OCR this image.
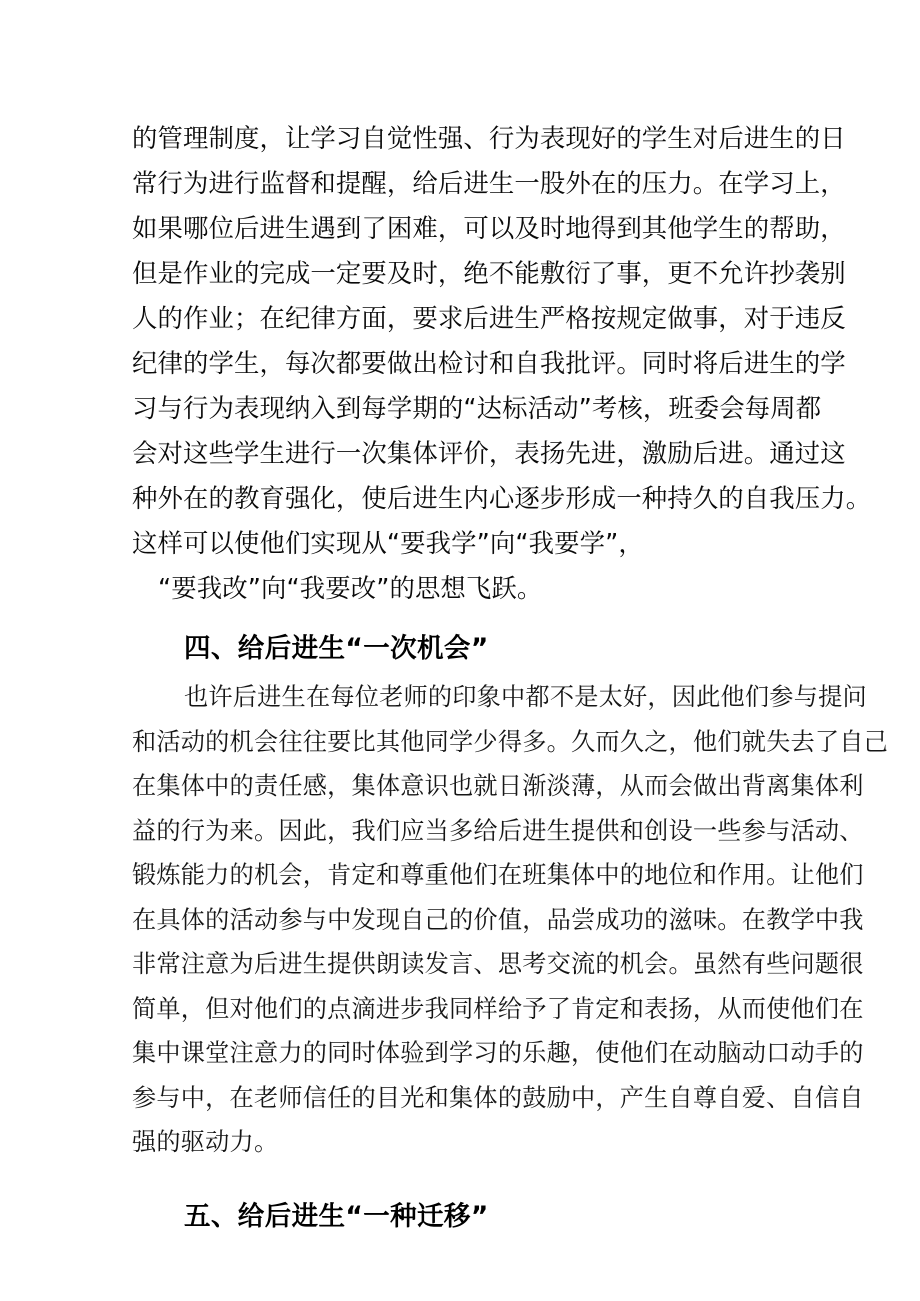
的管理制度，让学习自觉性强、行为表现好的学生对后进生的日
常行为进行监督和提醒，给后进生一股外在的压力。在学习上，
如果哪位后进生遇到了困难，可以及时地得到其他学生的帮助，
但是作业的完成一定要及时，绝不能敷衍了事，更不允许抄袭别
人的作业；在纪律方面，要求后进生严格按规定做事，对于违反
纪律的学生，每次都要做出检讨和自我批评。同时将后进生的学
习与行为表现纳入到每学期的“达标活动”考核，班委会每周都
会对这些学生进行一次集体评价，表扬先进，激励后进。通过这
种外在的教育强化，使后进生内心逐步形成一种持久的自我压力。
这样可以使他们实现从“要我学”向“我要学”，
“要我改”向“我要改”的思想飞跃。
四、给后进生“一次机会”
也许后进生在每位老师的印象中都不是太好，因此他们参与提问
和活动的机会往往要比其他同学少得多。久而久之，他们就失去了自己
在集体中的责任感，集体意识也就日渐淡薄，从而会做出背离集体利
益的行为来。因此，我们应当多给后进生提供和创设一些参与活动、
锻炼能力的机会，肯定和尊重他们在班集体中的地位和作用。让他们
在具体的活动参与中发现自己的价值，品尝成功的滋味。在教学中我
非常注意为后进生提供朗读发言、思考交流的机会。虽然有些问题很
简单，但对他们的点滴进步我同样给予了肯定和表扬，从而使他们在
集中课堂注意力的同时体验到学习的乐趣，使他们在动脑动口动手的
参与中，在老师信任的目光和集体的鼓励中，产生自尊自爱、自信自
强的驱动力。
五、给后进生“一种迁移”
